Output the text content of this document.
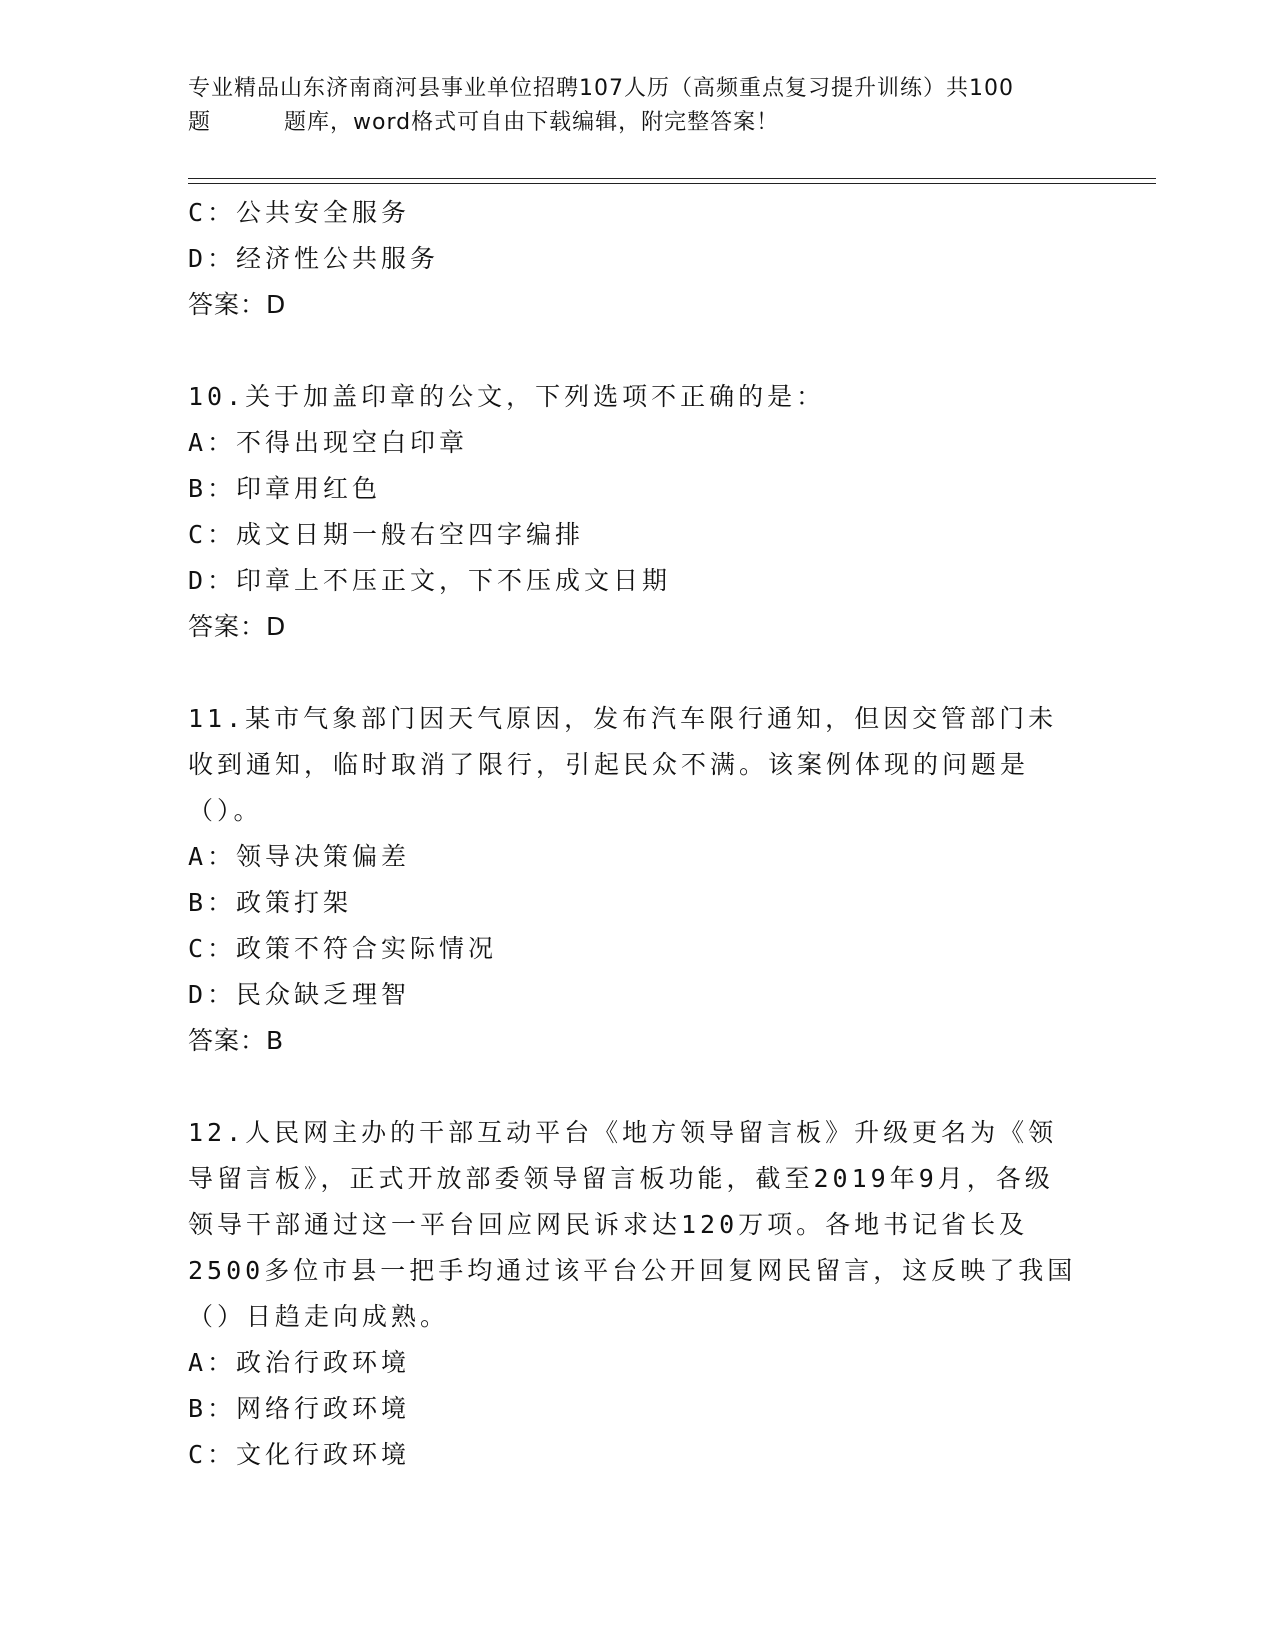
专业精品山东济南商河县事业单位招聘107人历（高频重点复习提升训练）共100
题	题库，word格式可自由下载编辑，附完整答案！
C：公共安全服务
D：经济性公共服务
答案：D
10.关于加盖印章的公文，下列选项不正确的是：
A：不得出现空白印章
B：印章用红色
C：成文日期一般右空四字编排
D：印章上不压正文，下不压成文日期
答案：D
11.某市气象部门因天气原因，发布汽车限行通知，但因交管部门未收到通知，临时取消了限行，引起民众不满。该案例体现的问题是（）。
A：领导决策偏差
B：政策打架
C：政策不符合实际情况
D：民众缺乏理智
答案：B
12.人民网主办的干部互动平台《地方领导留言板》升级更名为《领导留言板》，正式开放部委领导留言板功能，截至2019年9月，各级领导干部通过这一平台回应网民诉求达120万项。各地书记省长及2500多位市县一把手均通过该平台公开回复网民留言，这反映了我国（）日趋走向成熟。
A：政治行政环境
B：网络行政环境
C：文化行政环境
